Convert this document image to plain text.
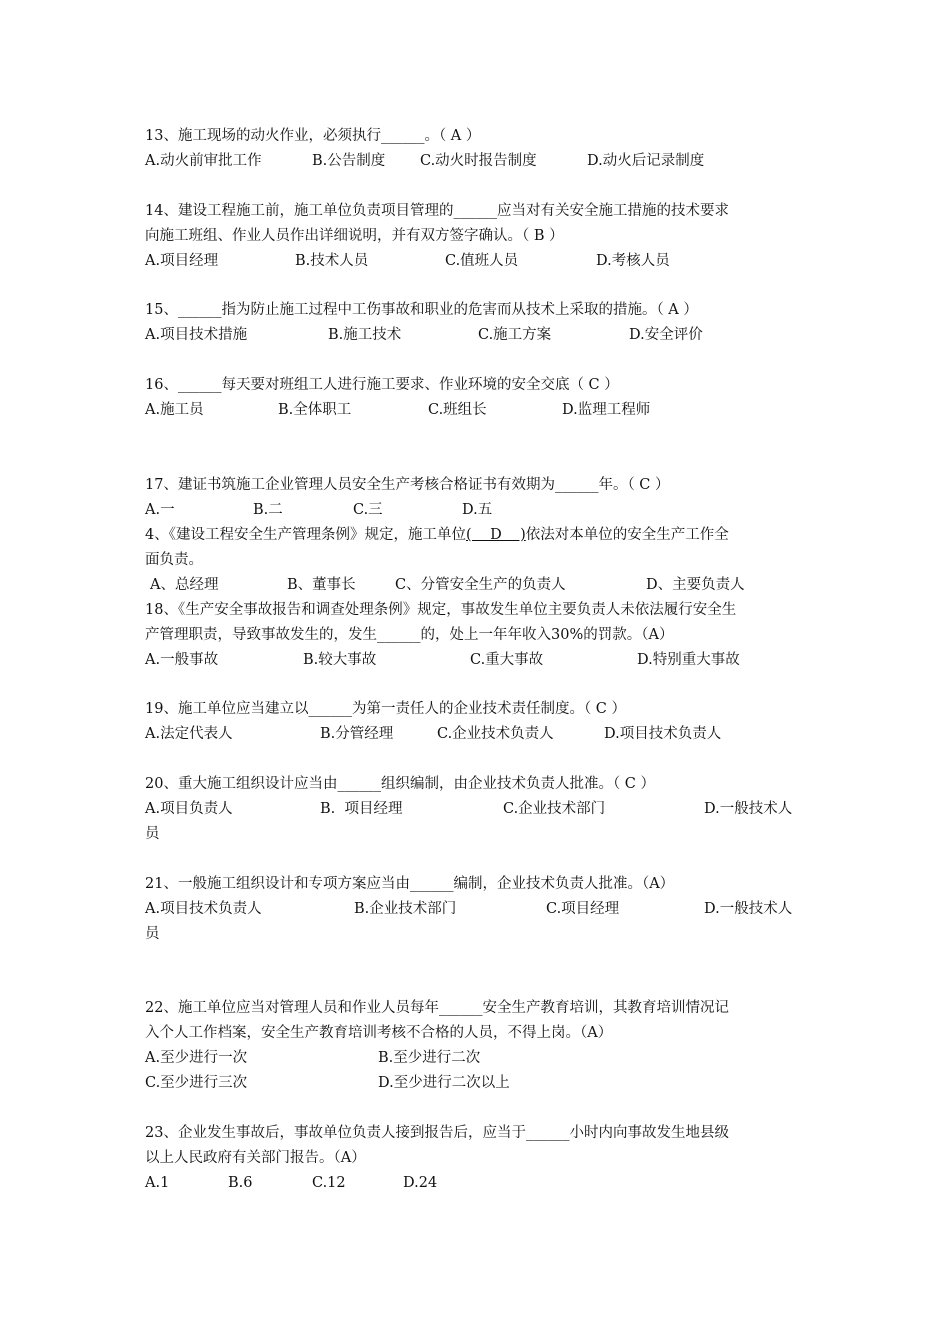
13、施工现场的动火作业，必须执行______。（ A ）
A.动火前审批工作	B.公告制度 C.动火时报告制度	D.动火后记录制度
14、建设工程施工前，施工单位负责项目管理的______应当对有关安全施工措施的技术要求
向施工班组、作业人员作出详细说明，并有双方签字确认。（ B ）
A.项目经理	B.技术人员	C.值班人员	D.考核人员
15、______指为防止施工过程中工伤事故和职业的危害而从技术上采取的措施。（ A ）
A.项目技术措施	B.施工技术	C.施工方案	D.安全评价
16、______每天要对班组工人进行施工要求、作业环境的安全交底（ C ）
A.施工员	B.全体职工	C.班组长	D.监理工程师
17、建证书筑施工企业管理人员安全生产考核合格证书有效期为______年。（ C ）
A.一	B.二	C.三	D.五
4、《建设工程安全生产管理条例》规定，施工单位(    D    )依法对本单位的安全生产工作全
面负责。
A、总经理	B、董事长	C、分管安全生产的负责人	D、主要负责人
18、《生产安全事故报告和调查处理条例》规定，事故发生单位主要负责人未依法履行安全生
产管理职责，导致事故发生的，发生______的，处上一年年收入30%的罚款。（A）
A.一般事故	B.较大事故	C.重大事故	D.特别重大事故
19、施工单位应当建立以______为第一责任人的企业技术责任制度。（ C ）
A.法定代表人	B.分管经理	C.企业技术负责人	D.项目技术负责人
20、重大施工组织设计应当由______组织编制，由企业技术负责人批准。（ C ）
A.项目负责人	B.  项目经理	C.企业技术部门	D.一般技术人
员
21、一般施工组织设计和专项方案应当由______编制，企业技术负责人批准。（A）
A.项目技术负责人	B.企业技术部门	C.项目经理	D.一般技术人
员
22、施工单位应当对管理人员和作业人员每年______安全生产教育培训，其教育培训情况记
入个人工作档案，安全生产教育培训考核不合格的人员，不得上岗。（A）
A.至少进行一次	B.至少进行二次
C.至少进行三次	D.至少进行二次以上
23、企业发生事故后，事故单位负责人接到报告后，应当于______小时内向事故发生地县级
以上人民政府有关部门报告。（A）
A.1	B.6	C.12	D.24
